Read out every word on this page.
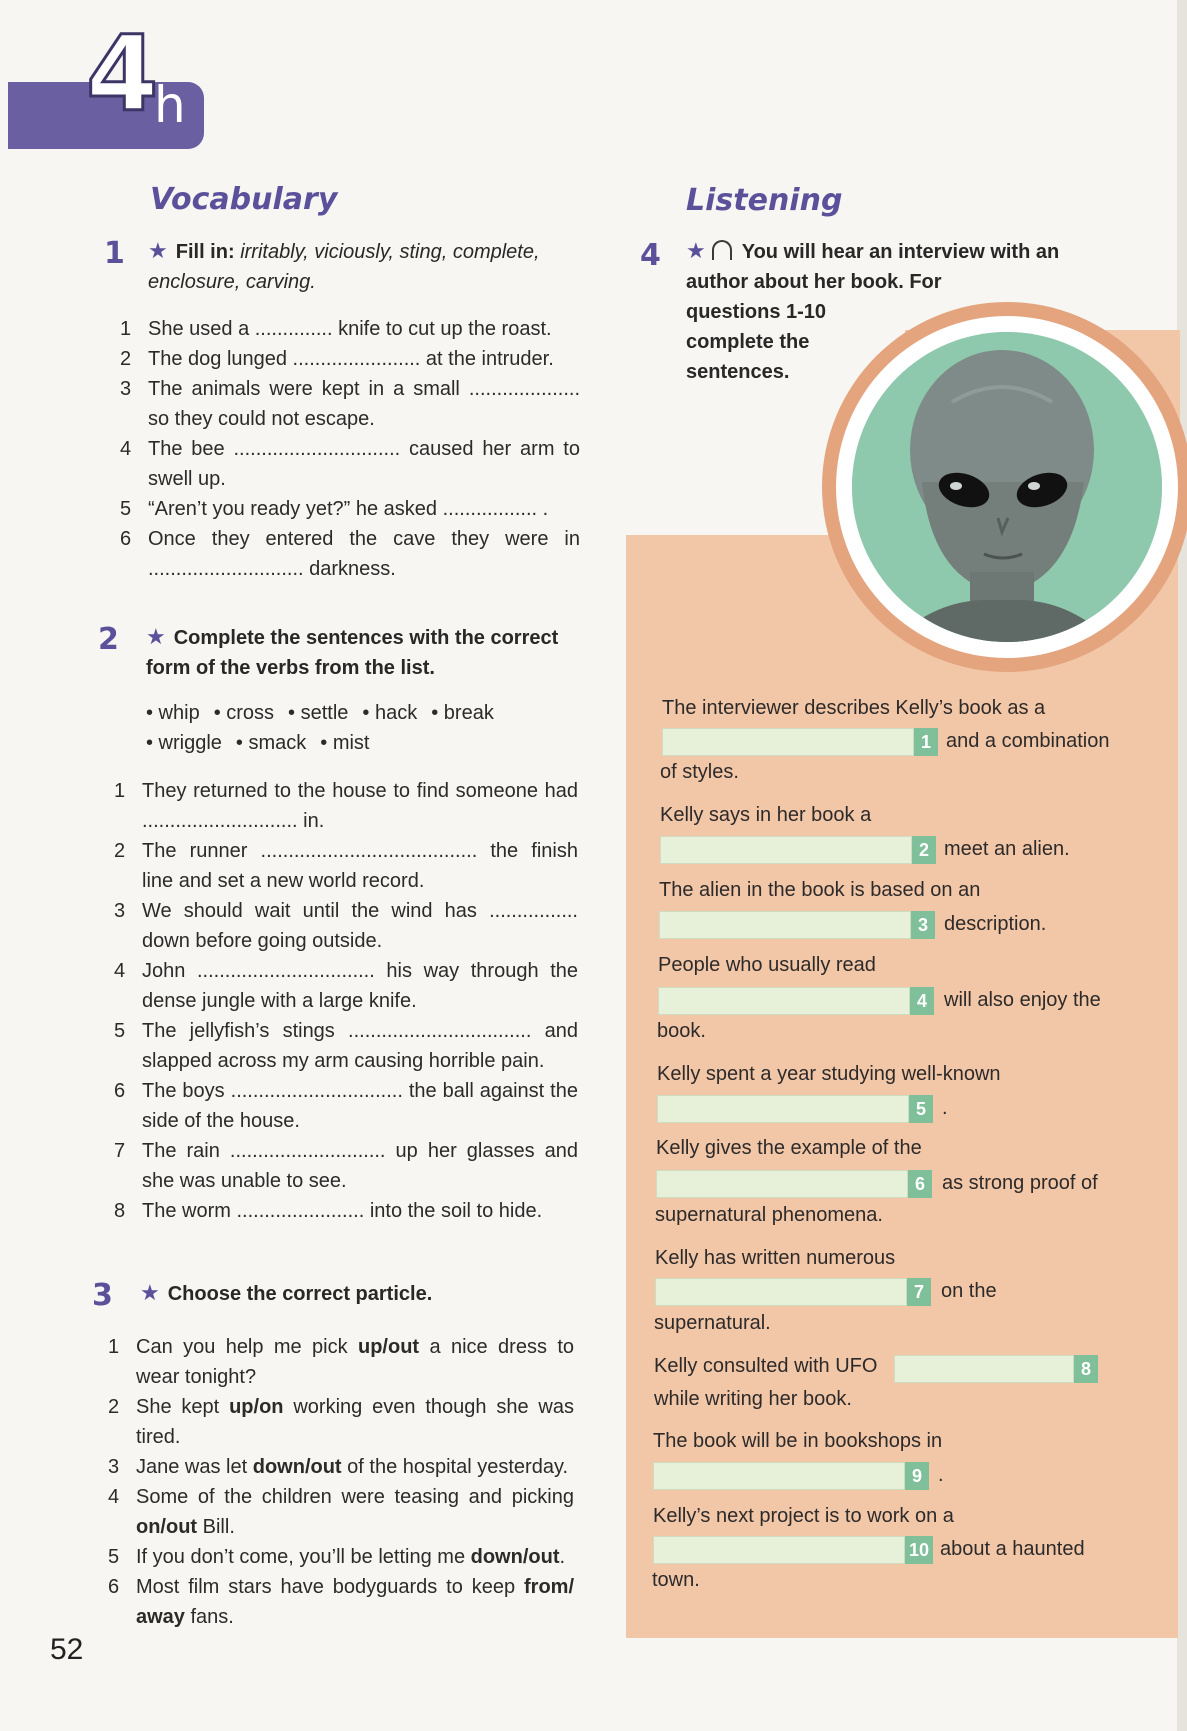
4
h
Vocabulary
1 ★ Fill in: irritably, viciously, sting, complete, enclosure, carving.
1 She used a .............. knife to cut up the roast.
2 The dog lunged ....................... at the intruder.
3 The animals were kept in a small .................... so they could not escape.
4 The bee .............................. caused her arm to swell up.
5 “Aren’t you ready yet?” he asked ................. .
6 Once they entered the cave they were in ............................ darkness.
2 ★ Complete the sentences with the correct form of the verbs from the list.
• whip • cross • settle • hack • break
• wriggle • smack • mist
1 They returned to the house to find someone had ............................ in.
2 The runner ....................................... the finish line and set a new world record.
3 We should wait until the wind has ................ down before going outside.
4 John ................................ his way through the dense jungle with a large knife.
5 The jellyfish’s stings ................................. and slapped across my arm causing horrible pain.
6 The boys ............................... the ball against the side of the house.
7 The rain ............................ up her glasses and she was unable to see.
8 The worm ....................... into the soil to hide.
3 ★ Choose the correct particle.
1 Can you help me pick up/out a nice dress to wear tonight?
2 She kept up/on working even though she was tired.
3 Jane was let down/out of the hospital yesterday.
4 Some of the children were teasing and picking on/out Bill.
5 If you don’t come, you’ll be letting me down/out.
6 Most film stars have bodyguards to keep from/ away fans.
52
Listening
4 ★ You will hear an interview with an
author about her book. For
questions 1-10
complete the
sentences.
The interviewer describes Kelly’s book as a
1 and a combination
of styles.
Kelly says in her book a
2 meet an alien.
The alien in the book is based on an
3 description.
People who usually read
4 will also enjoy the
book.
Kelly spent a year studying well-known
5 .
Kelly gives the example of the
6 as strong proof of
supernatural phenomena.
Kelly has written numerous
7 on the
supernatural.
Kelly consulted with UFO	8
while writing her book.
The book will be in bookshops in
9 .
Kelly’s next project is to work on a
10 about a haunted
town.
